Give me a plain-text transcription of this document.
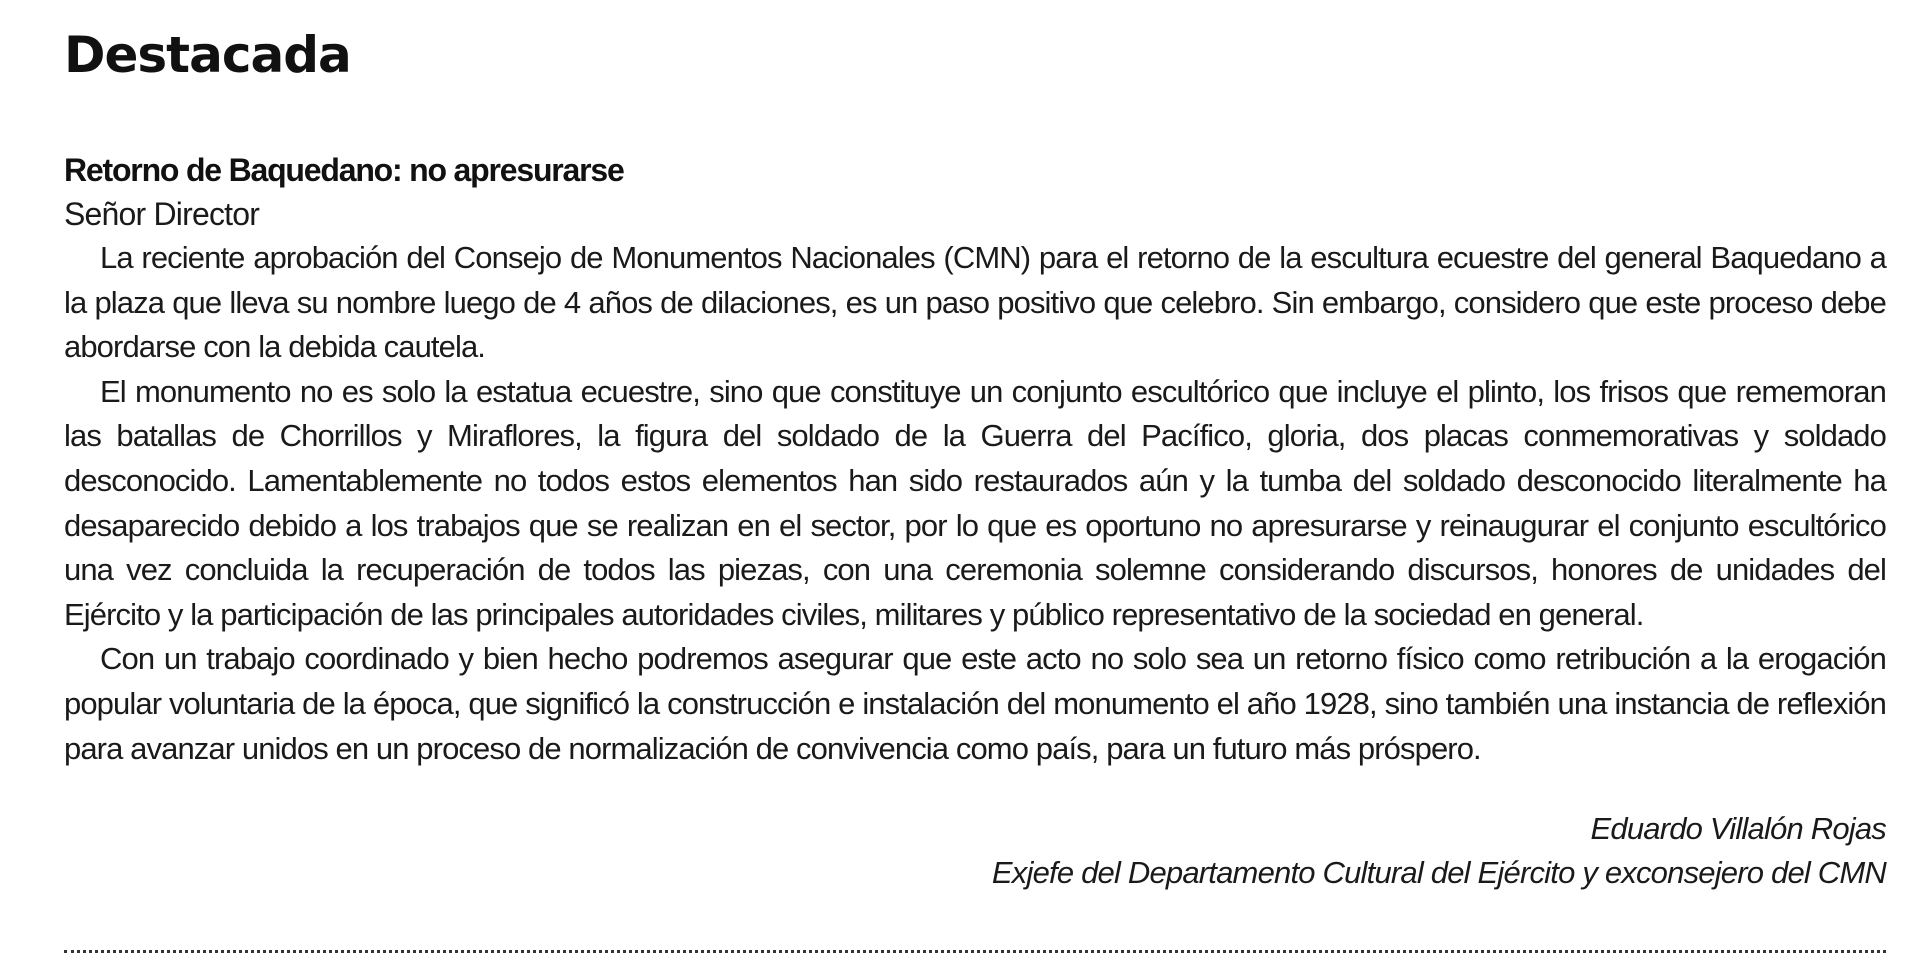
Destacada
Retorno de Baquedano: no apresurarse

Señor Director

La reciente aprobación del Consejo de Monumentos Nacionales (CMN) para el retorno de la escultura ecuestre del general Baquedano a la plaza que lleva su nombre luego de 4 años de dilaciones, es un paso positivo que celebro. Sin embargo, considero que este proceso debe abordarse con la debida cautela.

El monumento no es solo la estatua ecuestre, sino que constituye un conjunto escultórico que incluye el plinto, los frisos que rememoran las batallas de Chorrillos y Miraflores, la figura del soldado de la Guerra del Pacífico, gloria, dos placas conmemorativas y soldado desconocido. Lamentablemente no todos estos elementos han sido restaurados aún y la tumba del soldado desconocido literalmente ha desaparecido debido a los trabajos que se realizan en el sector, por lo que es oportuno no apresurarse y reinaugurar el conjunto escultórico una vez concluida la recuperación de todos las piezas, con una ceremonia solemne considerando discursos, honores de unidades del Ejército y la participación de las principales autoridades civiles, militares y público representativo de la sociedad en general.

Con un trabajo coordinado y bien hecho podremos asegurar que este acto no solo sea un retorno físico como retribución a la erogación popular voluntaria de la época, que significó la construcción e instalación del monumento el año 1928, sino también una instancia de reflexión para avanzar unidos en un proceso de normalización de convivencia como país, para un futuro más próspero.

Eduardo Villalón Rojas

Exjefe del Departamento Cultural del Ejército y exconsejero del CMN
